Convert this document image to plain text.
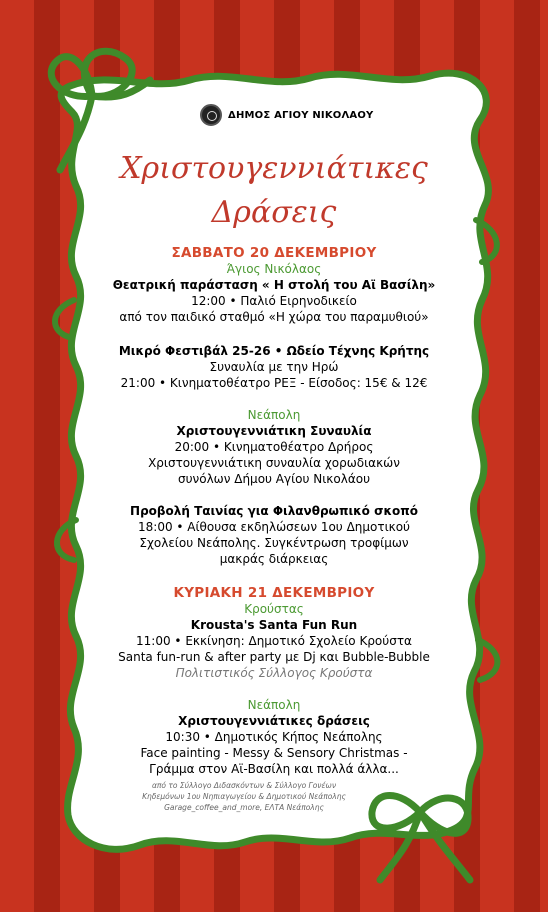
ΔΗΜΟΣ ΑΓΙΟΥ ΝΙΚΟΛΑΟΥ
Χριστουγεννιάτικες
Δράσεις
ΣΑΒΒΑΤΟ 20 ΔΕΚΕΜΒΡΙΟΥ
Άγιος Νικόλαος
Θεατρική παράσταση « Η στολή του Αϊ Βασίλη»
12:00 • Παλιό Ειρηνοδικείο
από τον παιδικό σταθμό «Η χώρα του παραμυθιού»
Μικρό Φεστιβάλ 25-26 • Ωδείο Τέχνης Κρήτης
Συναυλία με την Ηρώ
21:00 • Κινηματοθέατρο ΡΕΞ - Είσοδος: 15€ & 12€
Νεάπολη
Χριστουγεννιάτικη Συναυλία
20:00 • Κινηματοθέατρο Δρήρος
Χριστουγεννιάτικη συναυλία χορωδιακών
συνόλων Δήμου Αγίου Νικολάου
Προβολή Ταινίας για Φιλανθρωπικό σκοπό
18:00 • Αίθουσα εκδηλώσεων 1ου Δημοτικού
Σχολείου Νεάπολης. Συγκέντρωση τροφίμων
μακράς διάρκειας
ΚΥΡΙΑΚΗ 21 ΔΕΚΕΜΒΡΙΟΥ
Κρούστας
Krousta's Santa Fun Run
11:00 • Εκκίνηση: Δημοτικό Σχολείο Κρούστα
Santa fun-run & after party με Dj και Bubble-Bubble
Πολιτιστικός Σύλλογος Κρούστα
Νεάπολη
Χριστουγεννιάτικες δράσεις
10:30 • Δημοτικός Κήπος Νεάπολης
Face painting - Messy & Sensory Christmas -
Γράμμα στον Αϊ-Βασίλη και πολλά άλλα...
από το Σύλλογο Διδασκόντων & Σύλλογο Γονέων
Κηδεμόνων 1ου Νηπιαγωγείου & Δημοτικού Νεάπολης
Garage_coffee_and_more, ΕΛΤΑ Νεάπολης
